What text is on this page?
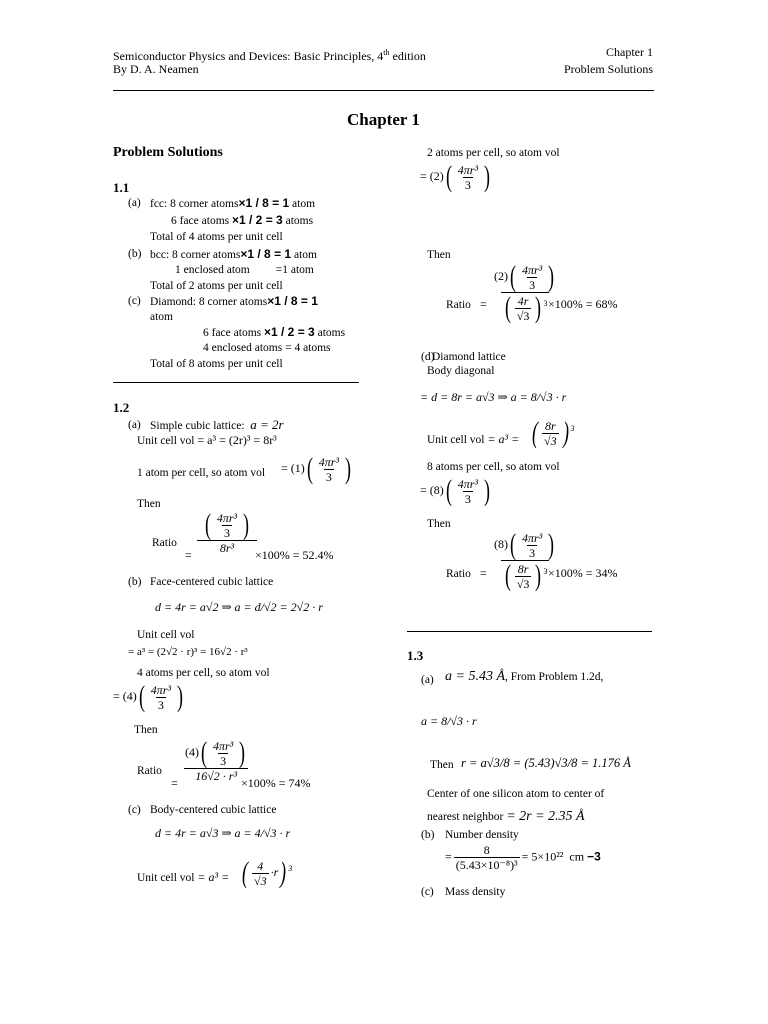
Semiconductor Physics and Devices: Basic Principles, 4th edition
By D. A. Neamen
Chapter 1
Problem Solutions
Chapter 1
Problem Solutions
1.1
(a) fcc: 8 corner atoms×1 / 8 = 1 atom
6 face atoms ×1 / 2 = 3 atoms
Total of 4 atoms per unit cell
(b) bcc: 8 corner atoms×1 / 8 = 1 atom
1 enclosed atom =1 atom
Total of 2 atoms per unit cell
(c) Diamond: 8 corner atoms×1 / 8 = 1
atom
6 face atoms ×1 / 2 = 3 atoms
4 enclosed atoms = 4 atoms
Total of 8 atoms per unit cell
1.2
(a) Simple cubic lattice: a = 2r
Unit cell vol = a³ = (2r)³ = 8r³
1 atom per cell, so atom vol = $(1)( \frac{\text{4πr³}}{3}$ )
Then
Ratio
= $\frac{( \frac{\text{4πr³}}{3} )}{\text{8r³}}$
×100% = 52.4%
(b) Face-centered cubic lattice
d = 4r = a√2 ⇒ a = d/√2 = 2√2 · r
Unit cell vol
= a³ = (2√2 · r)³ = 16√2 · r³
4 atoms per cell, so atom vol
= $(4)( \frac{\text{4πr³}}{3}$ )
Then
Ratio
= $\frac{(4)( \frac{\text{4πr³}}{3} )}{\text{16√2 · r³}}$
×100% = 74%
(c) Body-centered cubic lattice
d = 4r = a√3 ⇒ a = 4/√3 · r
Unit cell vol = a³ = ( $\frac{4}{√3} \cdot r$) $^3$
2 atoms per cell, so atom vol
= $(2)( \frac{\text{4πr³}}{3}$ )
Then
Ratio = $\frac{(2)( \frac{\text{4πr³}}{3} )}{( \frac{4r}{√3} ) ^3}$
×100% = 68%
(d)
Diamond lattice
Body diagonal
= d = 8r = a√3 ⇒ a = 8/√3 · r
Unit cell vol = a³ = ( $\frac{8r}{√3}$ ) $^3$
8 atoms per cell, so atom vol
= $(8)( \frac{\text{4πr³}}{3}$ )
Then
Ratio = $\frac{(8)( \frac{\text{4πr³}}{3} )}{( \frac{8r}{√3} ) ^3}$
×100% = 34%
1.3
(a) a = 5.43 Å, From Problem 1.2d,
a = 8/√3 · r
Then r = a√3/8 = (5.43)√3/8 = 1.176 Å
Center of one silicon atom to center of
nearest neighbor = 2r = 2.35 Å
(b) Number density
= $\frac{8}{\text{(5.43×10⁻⁸)³}} = 5\times 10^{22}$ cm −3
(c) Mass density
